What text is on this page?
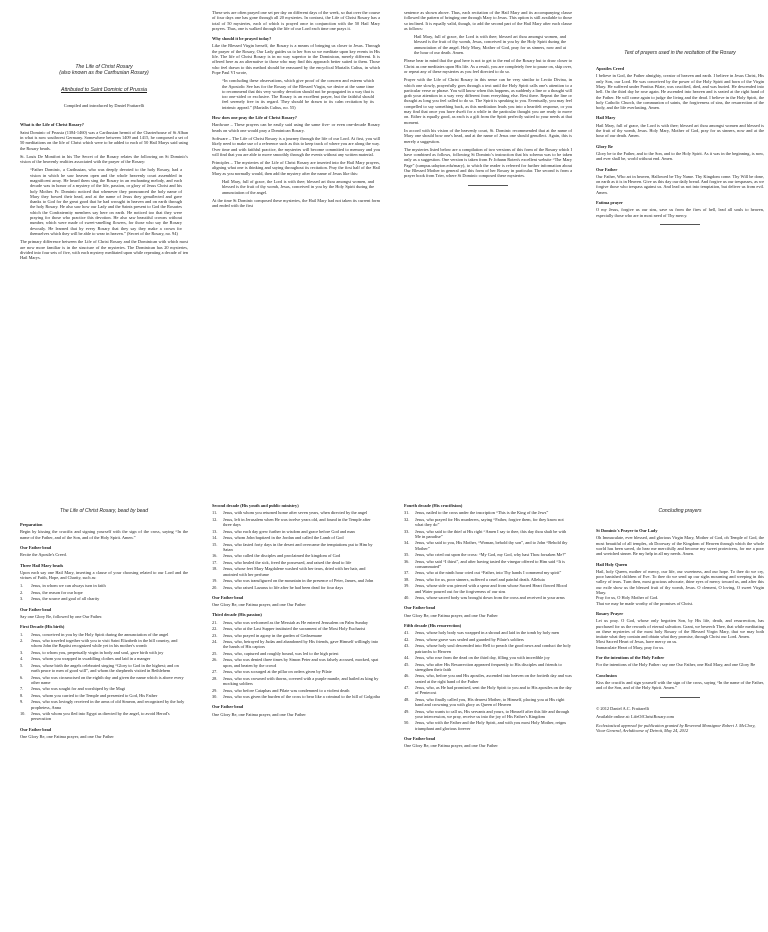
The Life of Christ Rosary
(also known as the Carthusian Rosary)
Attributed to Saint Dominic of Prussia
Compiled and introduced by Daniel Frattarelli
What is the Life of Christ Rosary?

Saint Dominic of Prussia (1384-1460) was a Carthusian hermit of the Charterhouse of St Alban in what is now southwest Germany. Somewhere between 1409 and 1415, he composed a set of 50 meditations on the life of Christ which were to be added to each of 50 Hail Marys said using the Rosary beads.

St. Louis De Montfort in his The Secret of the Rosary relates the following on St Dominic's vision of the heavenly realities associated with the prayer of the Rosary:

“Father Dominic, a Carthusian, who was deeply devoted to the holy Rosary, had a vision in which he saw heaven open and the whole heavenly court assembled in magnificent array. He heard them sing the Rosary in an enchanting melody, and each decade was in honor of a mystery of the life, passion, or glory of Jesus Christ and his holy Mother. Fr. Dominic noticed that whenever they pronounced the holy name of Mary they bowed their head, and at the name of Jesus they genuflected and gave thanks to God for the great good that he had wrought in heaven and on earth through the holy Rosary. He also saw how our Lady and the Saints present to God the Rosaries which the Confraternity members say here on earth. He noticed too that they were praying for those who practice this devotion. He also saw beautiful crowns without number, which were made of sweet-smelling flowers, for those who say the Rosary devoutly. He learned that by every Rosary that they say they make a crown for themselves which they will be able to wear in heaven.” (Secret of the Rosary, no. 94)

The primary difference between the Life of Christ Rosary and the Dominican with which most are now more familiar is in the structure of the mysteries. The Dominican has 20 mysteries, divided into four sets of five, with each mystery meditated upon while repeating a decade of ten Hail Marys.

These sets are often prayed one set per day on different days of the week, so that over the course of four days one has gone through all 20 mysteries. In contrast, the Life of Christ Rosary has a total of 50 mysteries, each of which is prayed once in conjunction with the 50 Hail Mary prayers. Thus, one is walked through the life of our Lord each time one prays it.

Why should it be prayed today?

Like the Blessed Virgin herself, the Rosary is a means of bringing us closer to Jesus. Through the prayer of the Rosary, Our Lady guides us to her Son so we meditate upon key events in His life. The life of Christ Rosary is in no way superior to the Dominican, merely different. It is offered here as an alternative to those who may find this approach better suited to them. Those who feel drawn to this method should be reassured by the encyclical Marialis Cultus, in which Pope Paul VI wrote,

“In concluding these observations, which give proof of the concern and esteem which the Apostolic See has for the Rosary of the Blessed Virgin, we desire at the same time to recommend that this very worthy devotion should not be propagated in a way that is too one-sided or exclusive. The Rosary is an excellent prayer, but the faithful should feel serenely free in its regard. They should be drawn to its calm recitation by its intrinsic appeal.” (Marialis Cultus, no. 55)

How does one pray the Life of Christ Rosary?

Hardware – These prayers can be easily said using the same five- or even one-decade Rosary beads on which one would pray a Dominican Rosary.

Software – The Life of Christ Rosary is a journey through the life of our Lord. At first, you will likely need to make use of a reference such as this to keep track of where you are along the way. Over time and with faithful practice, the mysteries will become committed to memory and you will find that you are able to move smoothly through the events without any written material.

Principles – The mysteries of the Life of Christ Rosary are inserted into the Hail Mary prayers, aligning what one is thinking and saying throughout its recitation. Pray the first half of the Hail Mary as you normally would, then add the mystery after the name of Jesus like this:

Hail Mary, full of grace, the Lord is with thee; blessed art thou amongst women, and blessed is the fruit of thy womb, Jesus, conceived in you by the Holy Spirit during the annunciation of the angel.

At the time St Dominic composed these mysteries, the Hail Mary had not taken its current form and ended with the first

sentence as shown above. Thus, each recitation of the Hail Mary and its accompanying clause followed the pattern of bringing one through Mary to Jesus. This option is still available to those so inclined. It is equally valid, though, to add the second part of the Hail Mary after each clause as follows:

Hail Mary, full of grace, the Lord is with thee; blessed art thou amongst women, and blessed is the fruit of thy womb, Jesus, conceived in you by the Holy Spirit during the annunciation of the angel. Holy Mary, Mother of God, pray for us sinners, now and at the hour of our death. Amen.

Please bear in mind that the goal here is not to get to the end of the Rosary but to draw closer to Christ as one meditates upon His life. As a result, you are completely free to pause on, skip over, or repeat any of these mysteries as you feel directed to do so.

Prayer with the Life of Christ Rosary in this sense can be very similar to Lectio Divina, in which one slowly, prayerfully goes through a text until the Holy Spirit calls one's attention to a particular verse or phrase. You will know when this happens, as suddenly a line or a thought will grab your attention in a way very different from everything else. Rest there. Repeat the line or thought as long you feel called to do so. The Spirit is speaking to you. Eventually, you may feel compelled to say something back, as this meditation leads you into a heartfelt response, or you may find that once you have dwelt for a while in the particular thought you are ready to move on. Either is equally good, as each is a gift from the Spirit perfectly suited to your needs at that moment.

In accord with his vision of the heavenly court, St. Dominic recommended that at the name of Mary one should bow one's head, and at the name of Jesus one should genuflect. Again, this is merely a suggestion.

The mysteries listed below are a compilation of two versions of this form of the Rosary which I have combined as follows, following St Dominic's instruction that his schema was to be taken only as a suggestion. One version is taken from Fr Johann Roten's excellent website “The Mary Page” (campus.udayton.edu/mary), to which the reader is referred for further information about Our Blessed Mother in general and this form of her Rosary in particular. The second is from a prayer book from Trier, where St Dominic composed these mysteries.

Text of prayers used in the recitation of the Rosary
Apostles Creed

I believe in God, the Father almighty, creator of heaven and earth. I believe in Jesus Christ, His only Son, our Lord. He was conceived by the power of the Holy Spirit and born of the Virgin Mary. He suffered under Pontius Pilate, was crucified, died, and was buried. He descended into hell. On the third day he rose again. He ascended into heaven and is seated at the right hand of the Father. He will come again to judge the living and the dead. I believe in the Holy Spirit, the holy Catholic Church, the communion of saints, the forgiveness of sins, the resurrection of the body, and the life everlasting. Amen.

Hail Mary

Hail Mary, full of grace, the Lord is with thee; blessed art thou amongst women and blessed is the fruit of thy womb, Jesus. Holy Mary, Mother of God, pray for us sinners, now and at the hour of our death. Amen.

Glory Be

Glory be to the Father, and to the Son, and to the Holy Spirit. As it was in the beginning, is now, and ever shall be, world without end. Amen.

Our Father

Our Father, Who art in heaven, Hallowed be Thy Name. Thy Kingdom come. Thy Will be done, on earth as it is in Heaven. Give us this day our daily bread. And forgive us our trespasses, as we forgive those who trespass against us. And lead us not into temptation, but deliver us from evil. Amen.

Fatima prayer

O my Jesus, forgive us our sins, save us from the fires of hell, lead all souls to heaven, especially those who are in most need of Thy mercy.

The Life of Christ Rosary, bead by bead
Preparation

Begin by kissing the crucifix and signing yourself with the sign of the cross, saying “In the name of the Father, and of the Son, and of the Holy Spirit. Amen.”

Our Father bead

Recite the Apostle's Creed.

Three Hail Mary beads

Upon each say one Hail Mary, inserting a clause of your choosing related to our Lord and the virtues of Faith, Hope, and Charity, such as:

1.	Jesus, in whom we can always turn in faith
2.	Jesus, the reason for our hope
3.	Jesus, the source and goal of all charity
Our Father bead

Say one Glory Be, followed by one Our Father.

First Decade (His birth)
1.	Jesus, conceived in you by the Holy Spirit during the annunciation of the angel
2.	Jesus, who traveled together with you to visit Saint Elizabeth in the hill country, and whom John the Baptist recognized while yet in his mother's womb
3.	Jesus, to whom you, perpetually virgin in body and soul, gave birth with joy
4.	Jesus, whom you wrapped in swaddling clothes and laid in a manger
5.	Jesus, whose birth the angels celebrated singing “Glory to God in the highest; and on earth peace to men of good will”, and whom the shepherds visited in Bethlehem
6.	Jesus, who was circumcised on the eighth day and given the name which is above every other name
7.	Jesus, who was sought for and worshiped by the Magi
8.	Jesus, whom you carried to the Temple and presented to God, His Father
9.	Jesus, who was lovingly received in the arms of old Simeon, and recognized by the holy prophetess, Anna
10.	Jesus, with whom you fled into Egypt as directed by the angel, to avoid Herod's persecution
Our Father bead

One Glory Be, one Fatima prayer, and one Our Father

Second decade (His youth and public ministry)
11.	Jesus, with whom you returned home after seven years, when directed by the angel
12.	Jesus, left in Jerusalem when He was twelve years old, and found in the Temple after three days
13.	Jesus, who each day grew further in wisdom and grace before God and man
14.	Jesus, whom John baptized in the Jordan and called the Lamb of God
15.	Jesus, who fasted forty days in the desert and overcame the temptations put to Him by Satan
16.	Jesus, who called the disciples and proclaimed the kingdom of God
17.	Jesus, who healed the sick, freed the possessed, and raised the dead to life
18.	Jesus, whose feet Mary Magdalene washed with her tears, dried with her hair, and anointed with her perfume
19.	Jesus, who was transfigured on the mountain in the presence of Peter, James, and John
20.	Jesus, who raised Lazarus to life after he had been dead for four days
Our Father bead

One Glory Be, one Fatima prayer, and one Our Father

Third decade (His passion)
21.	Jesus, who was welcomed as the Messiah as He entered Jerusalem on Palm Sunday
22.	Jesus, who at the Last Supper instituted the sacrament of the Most Holy Eucharist
23.	Jesus, who prayed in agony in the garden of Gethsemane
24.	Jesus, who, betrayed by Judas and abandoned by His friends, gave Himself willingly into the hands of His captors
25.	Jesus, who, captured and roughly bound, was led to the high priest
26.	Jesus, who was denied three times by Simon Peter and was falsely accused, mocked, spat upon, and beaten by the crowd
27.	Jesus, who was scourged at the pillar on orders given by Pilate
28.	Jesus, who was crowned with thorns, covered with a purple mantle, and hailed as king by mocking soldiers
29.	Jesus, who before Caiaphas and Pilate was condemned to a violent death
30.	Jesus, who was given the burden of the cross to bear like a criminal to the hill of Golgotha
Our Father bead

One Glory Be, one Fatima prayer, and one Our Father

Fourth decade (His crucifixion)
31.	Jesus, nailed to the cross under the inscription “This is the King of the Jews”
32.	Jesus, who prayed for His murderers, saying “Father, forgive them, for they know not what they do”
33.	Jesus, who said to the thief at His right “Amen I say to thee, this day thou shalt be with Me in paradise”
34.	Jesus, who said to you, His Mother, “Woman, behold thy son”, and to John “Behold thy Mother”
35.	Jesus, who cried out upon the cross: “My God, my God, why hast Thou forsaken Me?”
36.	Jesus, who said “I thirst”, and after having tasted the vinegar offered to Him said “It is consummated”
37.	Jesus, who at the ninth hour cried out “Father, into Thy hands I commend my spirit”
38.	Jesus, who for us, poor sinners, suffered a cruel and painful death. Alleluia
39.	Jesus, whose side was pierced with a spear and from whose Sacred Heart flowed Blood and Water poured out for the forgiveness of our sins
40.	Jesus, whose sacred body was brought down from the cross and received in your arms
Our Father bead

One Glory Be, one Fatima prayer, and one Our Father

Fifth decade (His resurrection)
41.	Jesus, whose holy body was wrapped in a shroud and laid in the tomb by holy men
42.	Jesus, whose grave was sealed and guarded by Pilate's soldiers
43.	Jesus, whose holy soul descended into Hell to preach the good news and conduct the holy patriarchs to Heaven
44.	Jesus, who rose from the dead on the third day, filling you with incredible joy
45.	Jesus, who after His Resurrection appeared frequently to His disciples and friends to strengthen their faith
46.	Jesus, who, before you and His apostles, ascended into heaven on the fortieth day and was seated at the right hand of the Father
47.	Jesus, who, as He had promised, sent the Holy Spirit to you and to His apostles on the day of Pentecost
48.	Jesus, who finally called you, His dearest Mother, to Himself, placing you at His right hand and crowning you with glory as Queen of Heaven
49.	Jesus, who wants to call us, His servants and yours, to Himself after this life and through your intercession, we pray, receive us into the joy of His Father's Kingdom
50.	Jesus, who with the Father and the Holy Spirit, and with you most Holy Mother, reigns triumphant and glorious forever
Our Father bead

One Glory Be, one Fatima prayer, and one Our Father

Concluding prayers
St Dominic's Prayer to Our Lady

Oh Immaculate, ever blessed, and glorious Virgin Mary, Mother of God, oh Temple of God, the most beautiful of all temples, oh Doorway of the Kingdom of Heaven through which the whole world has been saved, do hear me mercifully and become my sweet protectress, for me a poor and wretched sinner. Be my help in all my needs. Amen.

Hail Holy Queen

Hail, holy Queen, mother of mercy, our life, our sweetness, and our hope. To thee do we cry, poor banished children of Eve. To thee do we send up our sighs mourning and weeping in this valley of tears. Turn then, most gracious advocate, thine eyes of mercy toward us, and after this our exile show us the blessed fruit of thy womb, Jesus. O clement, O loving, O sweet Virgin Mary.

Pray for us, O Holy Mother of God.

That we may be made worthy of the promises of Christ.

Rosary Prayer

Let us pray. O God, whose only begotten Son, by His life, death, and resurrection, has purchased for us the rewards of eternal salvation. Grant, we beseech Thee, that while meditating on these mysteries of the most holy Rosary of the Blessed Virgin Mary, that we may both imitate what they contain and obtain what they promise, through Christ our Lord. Amen.

Most Sacred Heart of Jesus, have mercy on us.

Immaculate Heart of Mary, pray for us.

For the intentions of the Holy Father

For the intentions of the Holy Father: say one Our Father, one Hail Mary, and one Glory Be

Conclusion

Kiss the crucifix and sign yourself with the sign of the cross, saying “In the name of the Father, and of the Son, and of the Holy Spirit. Amen.”

© 2012 Daniel A.C. Frattarelli

Available online at: LifeOfChristRosary.com

Ecclesiastical approval for publication granted by Reverend Monsignor Robert J. McClory, Vicar General, Archdiocese of Detroit, May 24, 2012
